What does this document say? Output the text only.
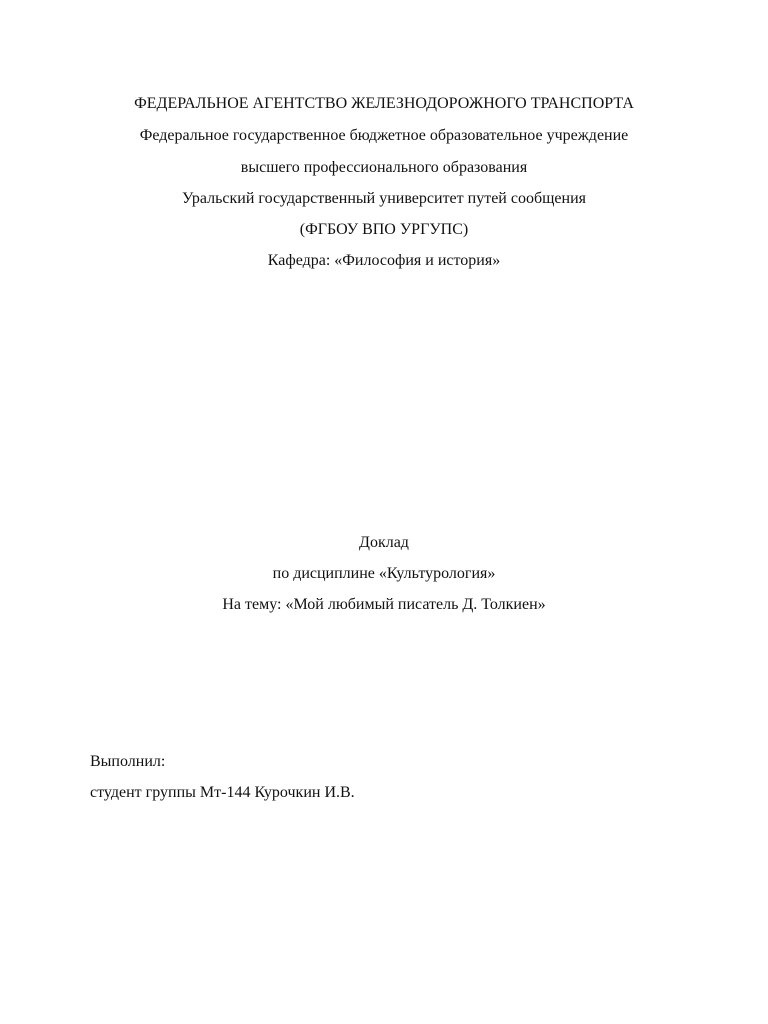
ФЕДЕРАЛЬНОЕ АГЕНТСТВО ЖЕЛЕЗНОДОРОЖНОГО ТРАНСПОРТА
Федеральное государственное бюджетное образовательное учреждение
высшего профессионального образования
Уральский государственный университет путей сообщения
(ФГБОУ ВПО УРГУПС)
Кафедра: «Философия и история»
Доклад
по дисциплине «Культурология»
На тему: «Мой любимый писатель Д. Толкиен»
Выполнил:
студент группы Мт-144 Курочкин И.В.
